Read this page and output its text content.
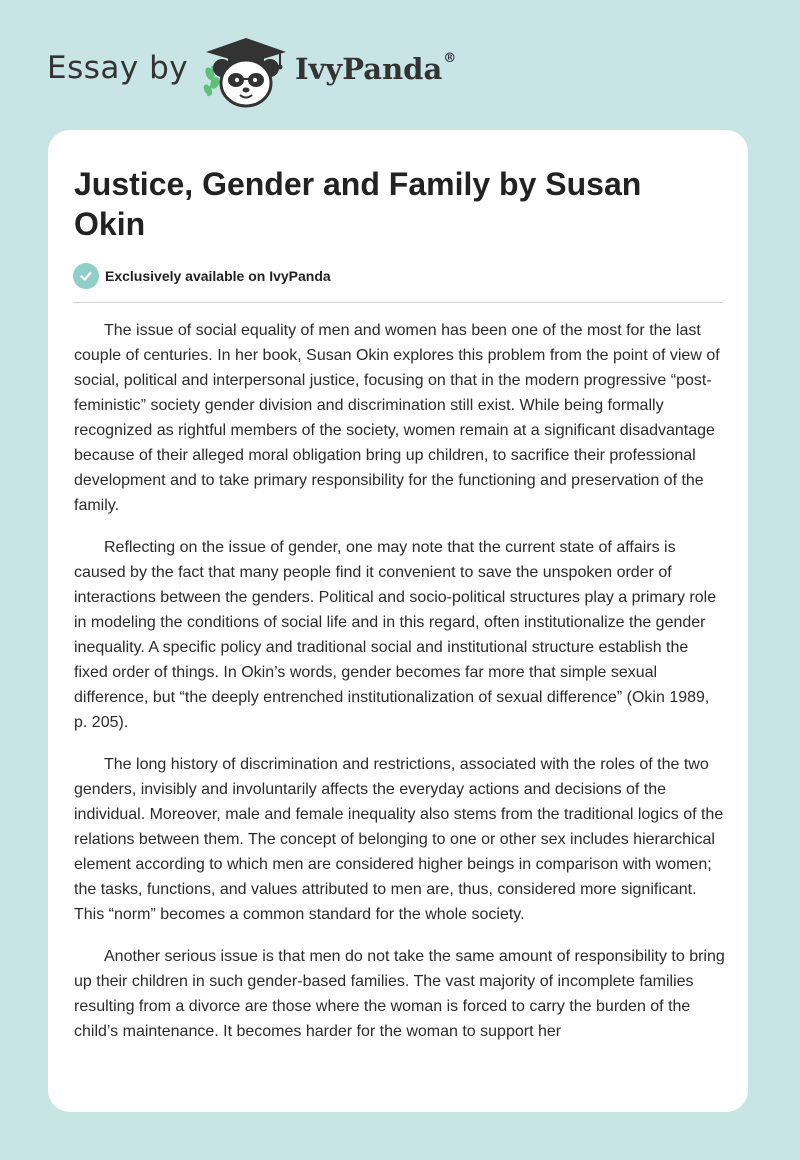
Essay by	IvyPanda®
Justice, Gender and Family by Susan Okin
Exclusively available on IvyPanda

The issue of social equality of men and women has been one of the most for the last couple of centuries. In her book, Susan Okin explores this problem from the point of view of social, political and interpersonal justice, focusing on that in the modern progressive “post-feministic” society gender division and discrimination still exist. While being formally recognized as rightful members of the society, women remain at a significant disadvantage because of their alleged moral obligation bring up children, to sacrifice their professional development and to take primary responsibility for the functioning and preservation of the family.

Reflecting on the issue of gender, one may note that the current state of affairs is caused by the fact that many people find it convenient to save the unspoken order of interactions between the genders. Political and socio-political structures play a primary role in modeling the conditions of social life and in this regard, often institutionalize the gender inequality. A specific policy and traditional social and institutional structure establish the fixed order of things. In Okin’s words, gender becomes far more that simple sexual difference, but “the deeply entrenched institutionalization of sexual difference” (Okin 1989, p. 205).

The long history of discrimination and restrictions, associated with the roles of the two genders, invisibly and involuntarily affects the everyday actions and decisions of the individual. Moreover, male and female inequality also stems from the traditional logics of the relations between them. The concept of belonging to one or other sex includes hierarchical element according to which men are considered higher beings in comparison with women; the tasks, functions, and values attributed to men are, thus, considered more significant. This “norm” becomes a common standard for the whole society.

Another serious issue is that men do not take the same amount of responsibility to bring up their children in such gender-based families. The vast majority of incomplete families resulting from a divorce are those where the woman is forced to carry the burden of the child’s maintenance. It becomes harder for the woman to support her
